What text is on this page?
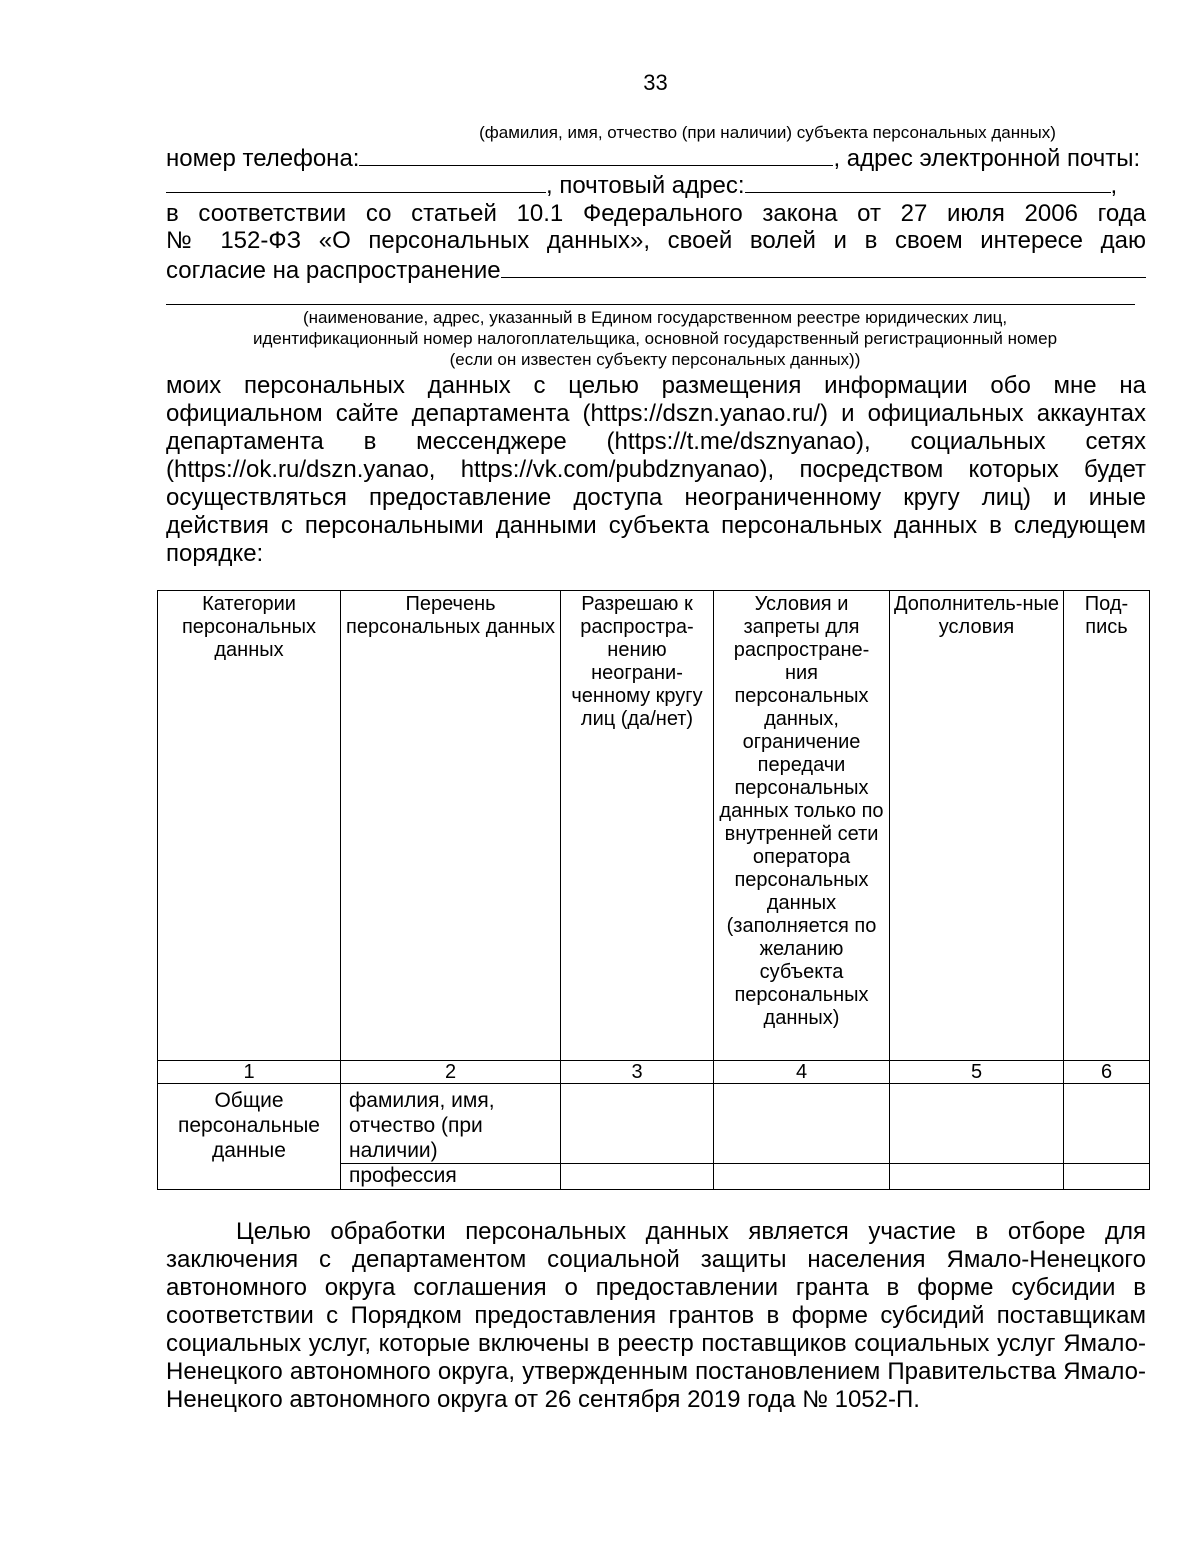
33
(фамилия, имя, отчество (при наличии) субъекта персональных данных)
номер телефона:	, адрес электронной почты:
, почтовый адрес:	,
в соответствии со статьей 10.1 Федерального закона от 27 июля 2006 года
№ 152-ФЗ «О персональных данных», своей волей и в своем интересе даю
согласие на распространение
(наименование, адрес, указанный в Едином государственном реестре юридических лиц,
идентификационный номер налогоплательщика, основной государственный регистрационный номер
(если он известен субъекту персональных данных))
моих персональных данных с целью размещения информации обо мне на официальном сайте департамента (https://dszn.yanao.ru/) и официальных аккаунтах департамента в мессенджере (https://t.me/dsznyanao), социальных сетях (https://ok.ru/dszn.yanao, https://vk.com/pubdznyanao), посредством которых будет осуществляться предоставление доступа неограниченному кругу лиц) и иные действия с персональными данными субъекта персональных данных в следующем порядке:
Категории персональных данных	Перечень персональных данных	Разрешаю к распростра-нению неограни-ченному кругу лиц (да/нет)	Условия и запреты для распростране-ния персональных данных, ограничение передачи персональных данных только по внутренней сети оператора персональных данных (заполняется по желанию субъекта персональных данных)	Дополнитель-ные условия	Под-пись
1	2	3	4	5	6
Общие персональные данные	фамилия, имя, отчество (при наличии)				
	профессия				
Целью обработки персональных данных является участие в отборе для заключения с департаментом социальной защиты населения Ямало-Ненецкого автономного округа соглашения о предоставлении гранта в форме субсидии в соответствии с Порядком предоставления грантов в форме субсидий поставщикам социальных услуг, которые включены в реестр поставщиков социальных услуг Ямало-Ненецкого автономного округа, утвержденным постановлением Правительства Ямало-Ненецкого автономного округа от 26 сентября 2019 года № 1052-П.
